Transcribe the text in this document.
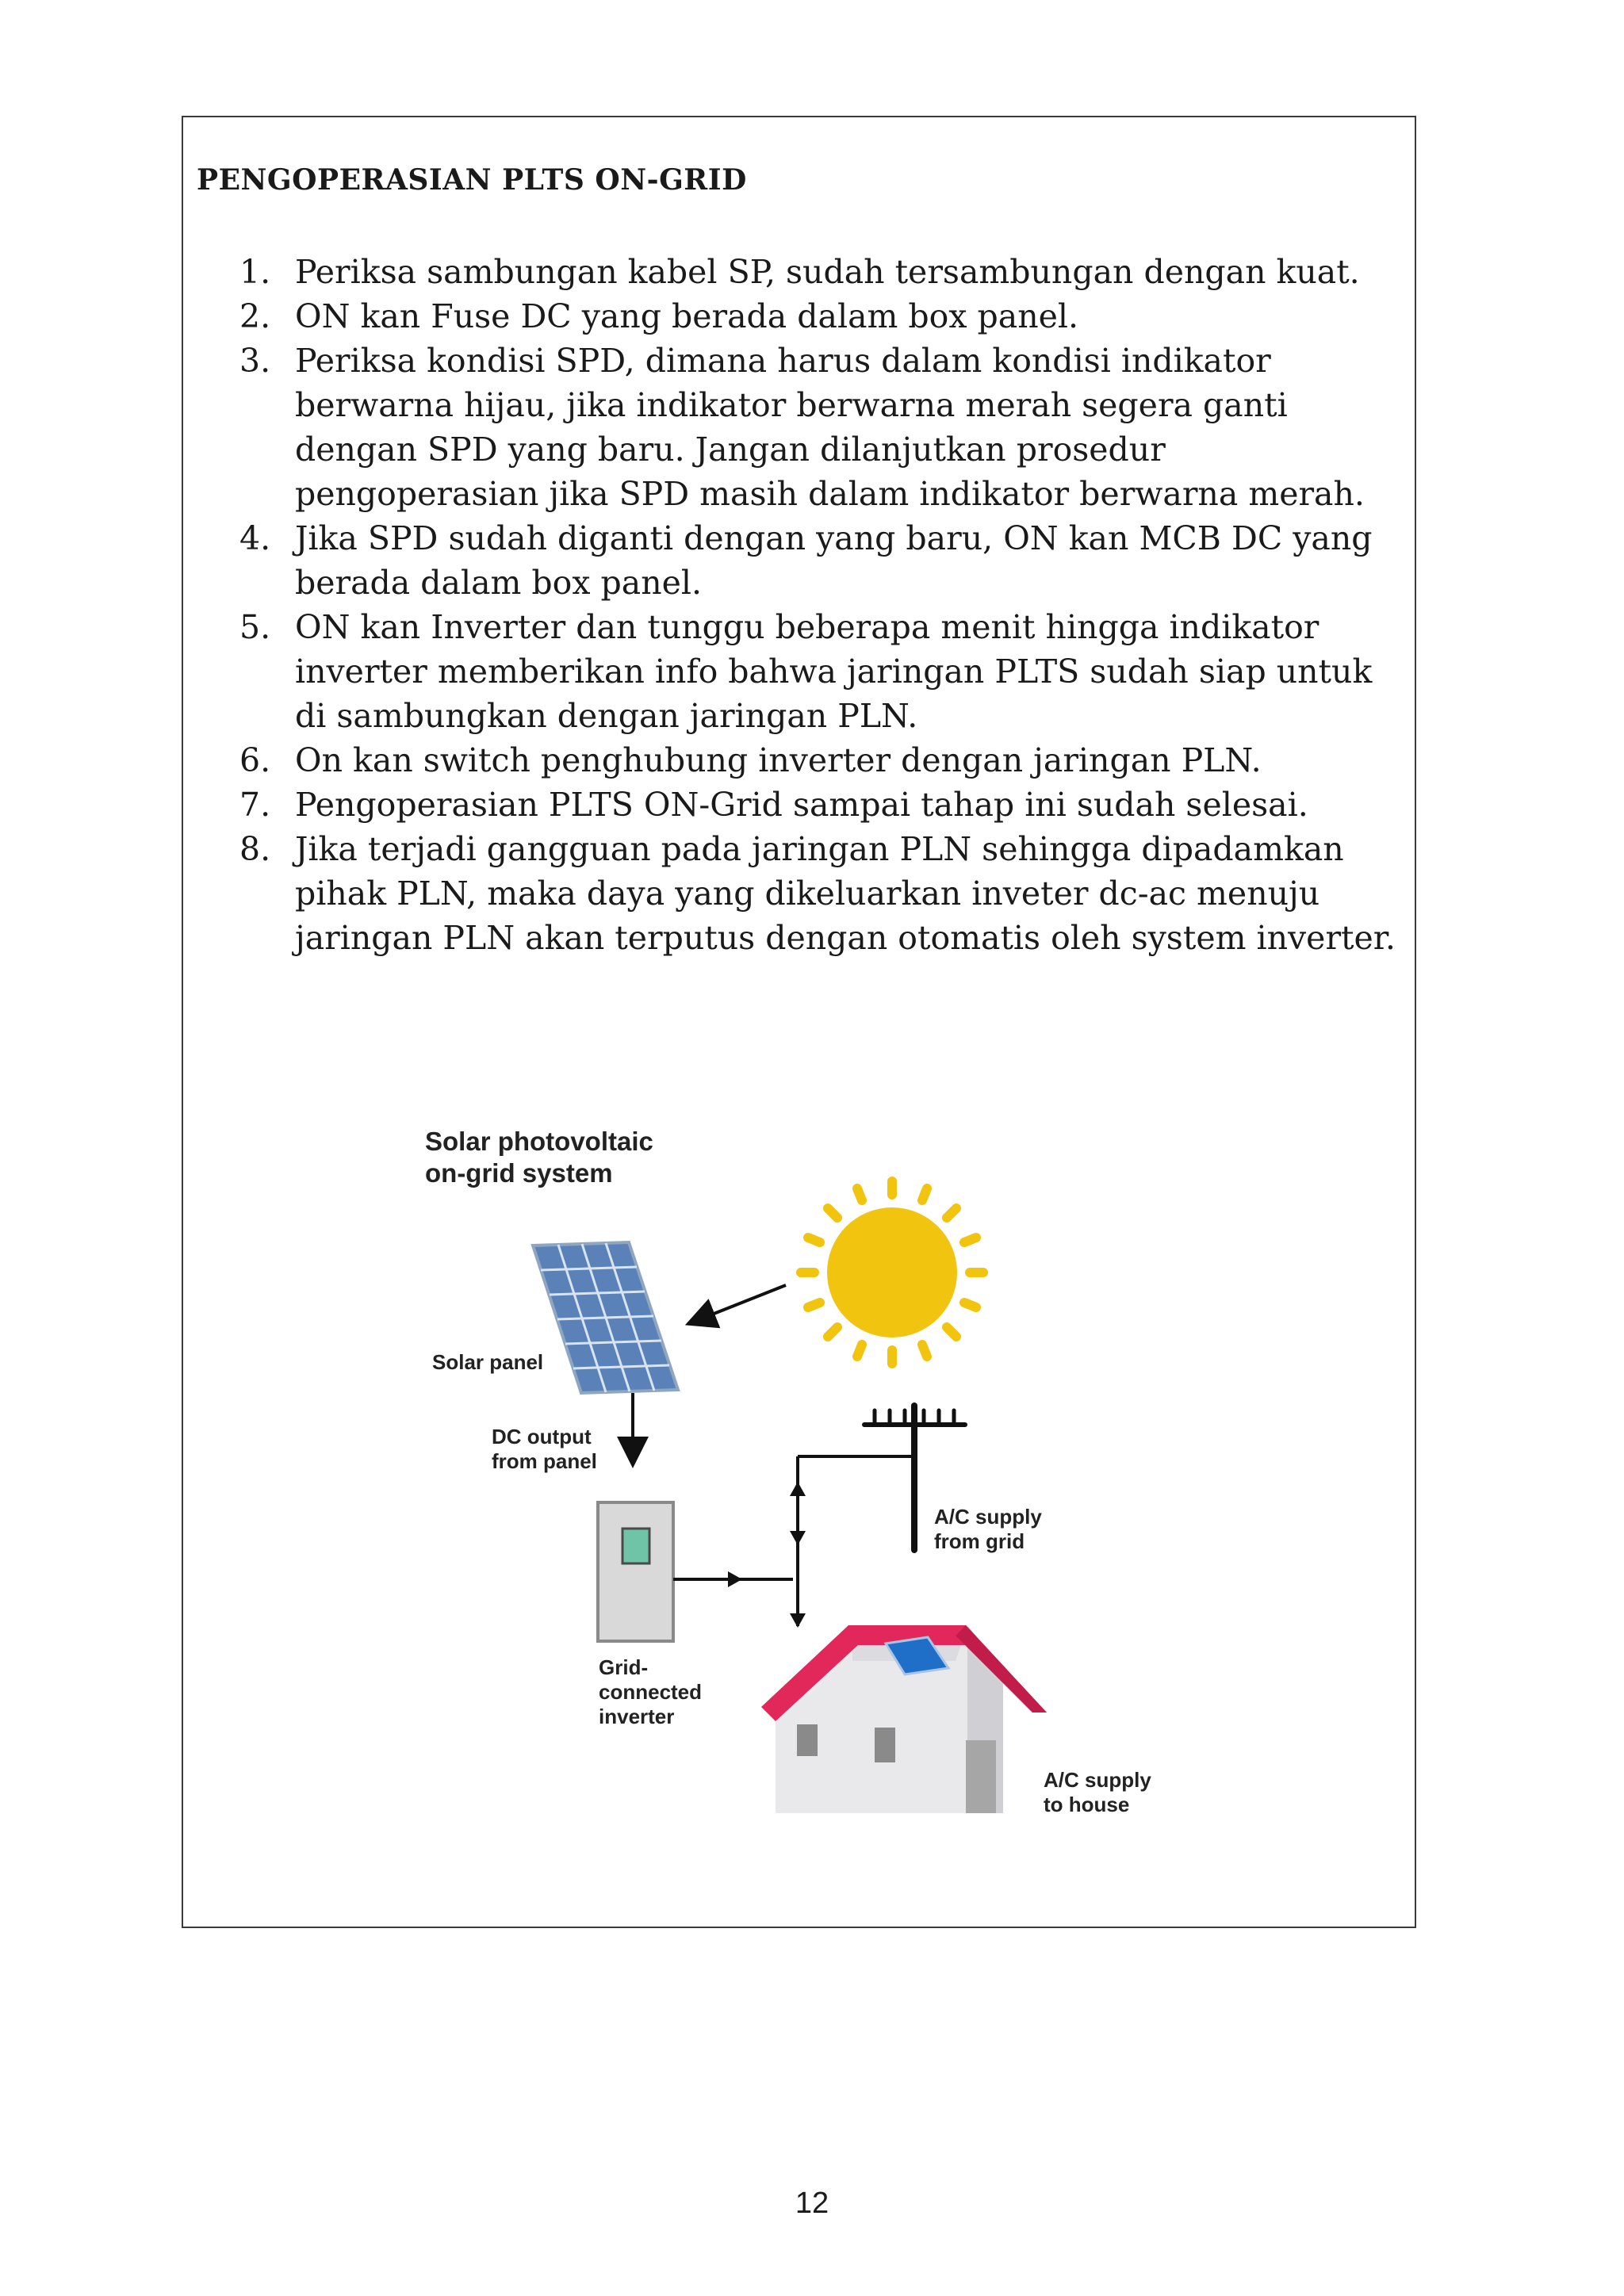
PENGOPERASIAN PLTS ON-GRID
1. Periksa sambungan kabel SP, sudah tersambungan dengan kuat.
2. ON kan Fuse DC yang berada dalam box panel.
3. Periksa kondisi SPD, dimana harus dalam kondisi indikator berwarna hijau, jika indikator berwarna merah segera ganti dengan SPD yang baru. Jangan dilanjutkan prosedur pengoperasian jika SPD masih dalam indikator berwarna merah.
4. Jika SPD sudah diganti dengan yang baru, ON kan MCB DC yang berada dalam box panel.
5. ON kan Inverter dan tunggu beberapa menit hingga indikator inverter memberikan info bahwa jaringan PLTS sudah siap untuk di sambungkan dengan jaringan PLN.
6. On kan switch penghubung inverter dengan jaringan PLN.
7. Pengoperasian PLTS ON-Grid sampai tahap ini sudah selesai.
8. Jika terjadi gangguan pada jaringan PLN sehingga dipadamkan pihak PLN, maka daya yang dikeluarkan inveter dc-ac menuju jaringan PLN akan terputus dengan otomatis oleh system inverter.
Solar photovoltaic
on-grid system
Solar panel
DC output
from panel
Grid-
connected
inverter
A/C supply
from grid
A/C supply
to house
12
